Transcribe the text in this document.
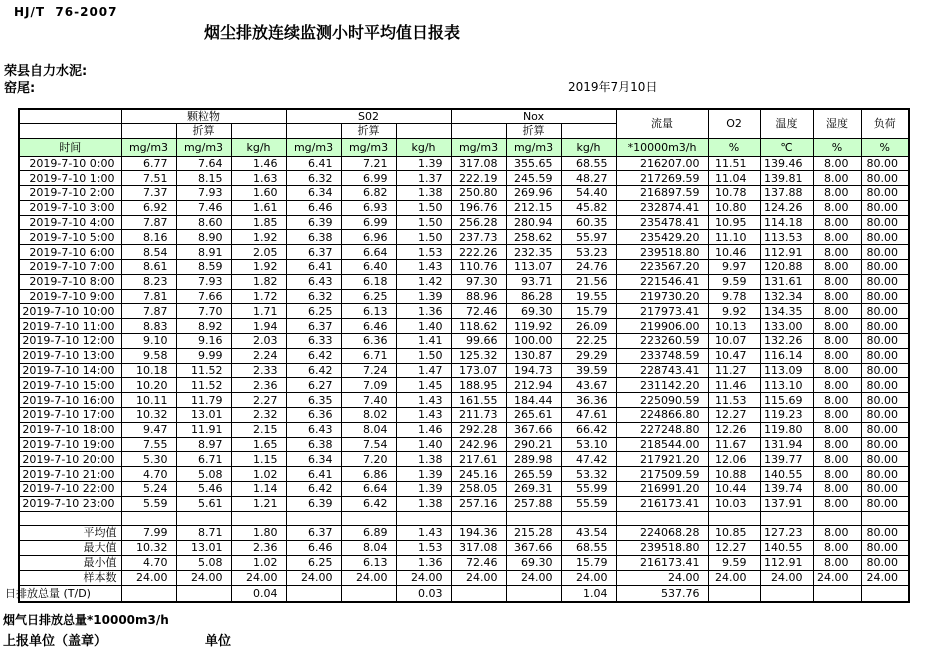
HJ/T  76-2007
烟尘排放连续监测小时平均值日报表
荣县自力水泥:
窑尾:	2019年7月10日
	颗粒物			S02			Nox			流量	O2	温度	湿度	负荷
		折算			折算			折算						
时间	mg/m3	mg/m3	kg/h	mg/m3	mg/m3	kg/h	mg/m3	mg/m3	kg/h	*10000m3/h	%	℃	%	%
2019-7-10 0:00	6.77	7.64	1.46	6.41	7.21	1.39	317.08	355.65	68.55	216207.00	11.51	139.46	8.00	80.00
2019-7-10 1:00	7.51	8.15	1.63	6.32	6.99	1.37	222.19	245.59	48.27	217269.59	11.04	139.81	8.00	80.00
2019-7-10 2:00	7.37	7.93	1.60	6.34	6.82	1.38	250.80	269.96	54.40	216897.59	10.78	137.88	8.00	80.00
2019-7-10 3:00	6.92	7.46	1.61	6.46	6.93	1.50	196.76	212.15	45.82	232874.41	10.80	124.26	8.00	80.00
2019-7-10 4:00	7.87	8.60	1.85	6.39	6.99	1.50	256.28	280.94	60.35	235478.41	10.95	114.18	8.00	80.00
2019-7-10 5:00	8.16	8.90	1.92	6.38	6.96	1.50	237.73	258.62	55.97	235429.20	11.10	113.53	8.00	80.00
2019-7-10 6:00	8.54	8.91	2.05	6.37	6.64	1.53	222.26	232.35	53.23	239518.80	10.46	112.91	8.00	80.00
2019-7-10 7:00	8.61	8.59	1.92	6.41	6.40	1.43	110.76	113.07	24.76	223567.20	9.97	120.88	8.00	80.00
2019-7-10 8:00	8.23	7.93	1.82	6.43	6.18	1.42	97.30	93.71	21.56	221546.41	9.59	131.61	8.00	80.00
2019-7-10 9:00	7.81	7.66	1.72	6.32	6.25	1.39	88.96	86.28	19.55	219730.20	9.78	132.34	8.00	80.00
2019-7-10 10:00	7.87	7.70	1.71	6.25	6.13	1.36	72.46	69.30	15.79	217973.41	9.92	134.35	8.00	80.00
2019-7-10 11:00	8.83	8.92	1.94	6.37	6.46	1.40	118.62	119.92	26.09	219906.00	10.13	133.00	8.00	80.00
2019-7-10 12:00	9.10	9.16	2.03	6.33	6.36	1.41	99.66	100.00	22.25	223260.59	10.07	132.26	8.00	80.00
2019-7-10 13:00	9.58	9.99	2.24	6.42	6.71	1.50	125.32	130.87	29.29	233748.59	10.47	116.14	8.00	80.00
2019-7-10 14:00	10.18	11.52	2.33	6.42	7.24	1.47	173.07	194.73	39.59	228743.41	11.27	113.09	8.00	80.00
2019-7-10 15:00	10.20	11.52	2.36	6.27	7.09	1.45	188.95	212.94	43.67	231142.20	11.46	113.10	8.00	80.00
2019-7-10 16:00	10.11	11.79	2.27	6.35	7.40	1.43	161.55	184.44	36.36	225090.59	11.53	115.69	8.00	80.00
2019-7-10 17:00	10.32	13.01	2.32	6.36	8.02	1.43	211.73	265.61	47.61	224866.80	12.27	119.23	8.00	80.00
2019-7-10 18:00	9.47	11.91	2.15	6.43	8.04	1.46	292.28	367.66	66.42	227248.80	12.26	119.80	8.00	80.00
2019-7-10 19:00	7.55	8.97	1.65	6.38	7.54	1.40	242.96	290.21	53.10	218544.00	11.67	131.94	8.00	80.00
2019-7-10 20:00	5.30	6.71	1.15	6.34	7.20	1.38	217.61	289.98	47.42	217921.20	12.06	139.77	8.00	80.00
2019-7-10 21:00	4.70	5.08	1.02	6.41	6.86	1.39	245.16	265.59	53.32	217509.59	10.88	140.55	8.00	80.00
2019-7-10 22:00	5.24	5.46	1.14	6.42	6.64	1.39	258.05	269.31	55.99	216991.20	10.44	139.74	8.00	80.00
2019-7-10 23:00	5.59	5.61	1.21	6.39	6.42	1.38	257.16	257.88	55.59	216173.41	10.03	137.91	8.00	80.00

平均值	7.99	8.71	1.80	6.37	6.89	1.43	194.36	215.28	43.54	224068.28	10.85	127.23	8.00	80.00
最大值	10.32	13.01	2.36	6.46	8.04	1.53	317.08	367.66	68.55	239518.80	12.27	140.55	8.00	80.00
最小值	4.70	5.08	1.02	6.25	6.13	1.36	72.46	69.30	15.79	216173.41	9.59	112.91	8.00	80.00
样本数	24.00	24.00	24.00	24.00	24.00	24.00	24.00	24.00	24.00	24.00	24.00	24.00	24.00	24.00
日排放总量 (T/D)			0.04			0.03			1.04	537.76				
烟气日排放总量*10000m3/h
上报单位（盖章）	单位
